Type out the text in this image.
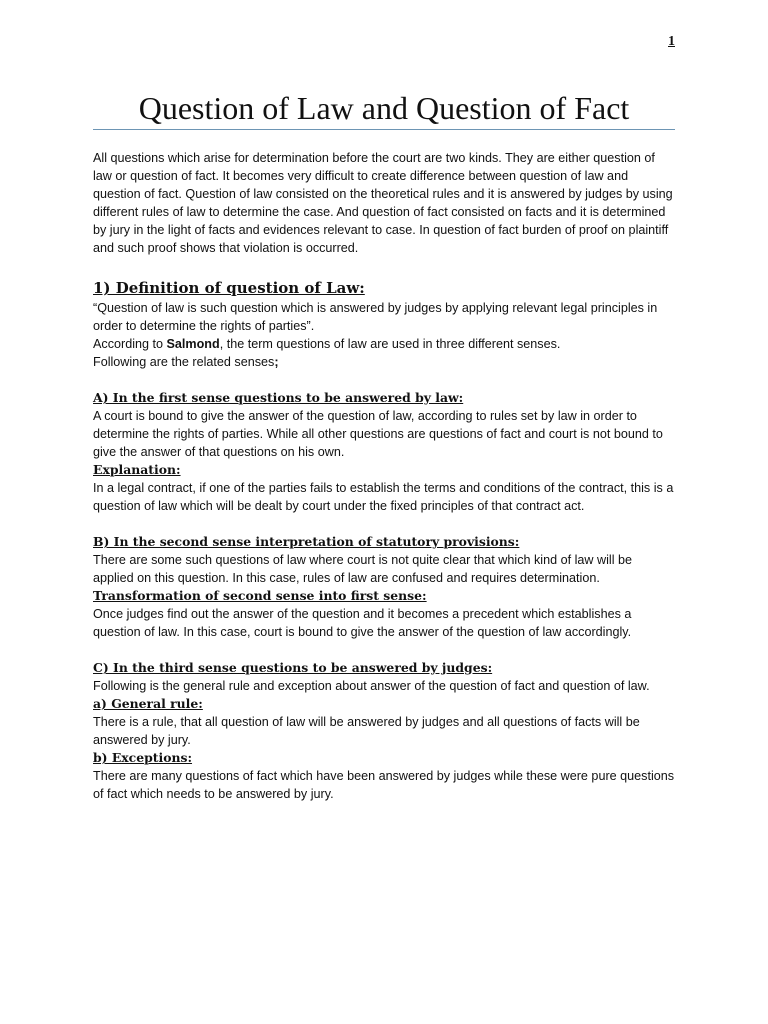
1
Question of Law and Question of Fact

All questions which arise for determination before the court are two kinds. They are either question of law or question of fact. It becomes very difficult to create difference between question of law and question of fact. Question of law consisted on the theoretical rules and it is answered by judges by using different rules of law to determine the case. And question of fact consisted on facts and it is determined by jury in the light of facts and evidences relevant to case. In question of fact burden of proof on plaintiff and such proof shows that violation is occurred.

1) Definition of question of Law:

“Question of law is such question which is answered by judges by applying relevant legal principles in order to determine the rights of parties”.

According to Salmond, the term questions of law are used in three different senses.

Following are the related senses;

A) In the first sense questions to be answered by law:

A court is bound to give the answer of the question of law, according to rules set by law in order to determine the rights of parties. While all other questions are questions of fact and court is not bound to give the answer of that questions on his own.

Explanation:

In a legal contract, if one of the parties fails to establish the terms and conditions of the contract, this is a question of law which will be dealt by court under the fixed principles of that contract act.

B) In the second sense interpretation of statutory provisions:

There are some such questions of law where court is not quite clear that which kind of law will be applied on this question. In this case, rules of law are confused and requires determination.

Transformation of second sense into first sense:

Once judges find out the answer of the question and it becomes a precedent which establishes a question of law. In this case, court is bound to give the answer of the question of law accordingly.

C) In the third sense questions to be answered by judges:

Following is the general rule and exception about answer of the question of fact and question of law.

a) General rule:

There is a rule, that all question of law will be answered by judges and all questions of facts will be answered by jury.

b) Exceptions:

There are many questions of fact which have been answered by judges while these were pure questions of fact which needs to be answered by jury.
